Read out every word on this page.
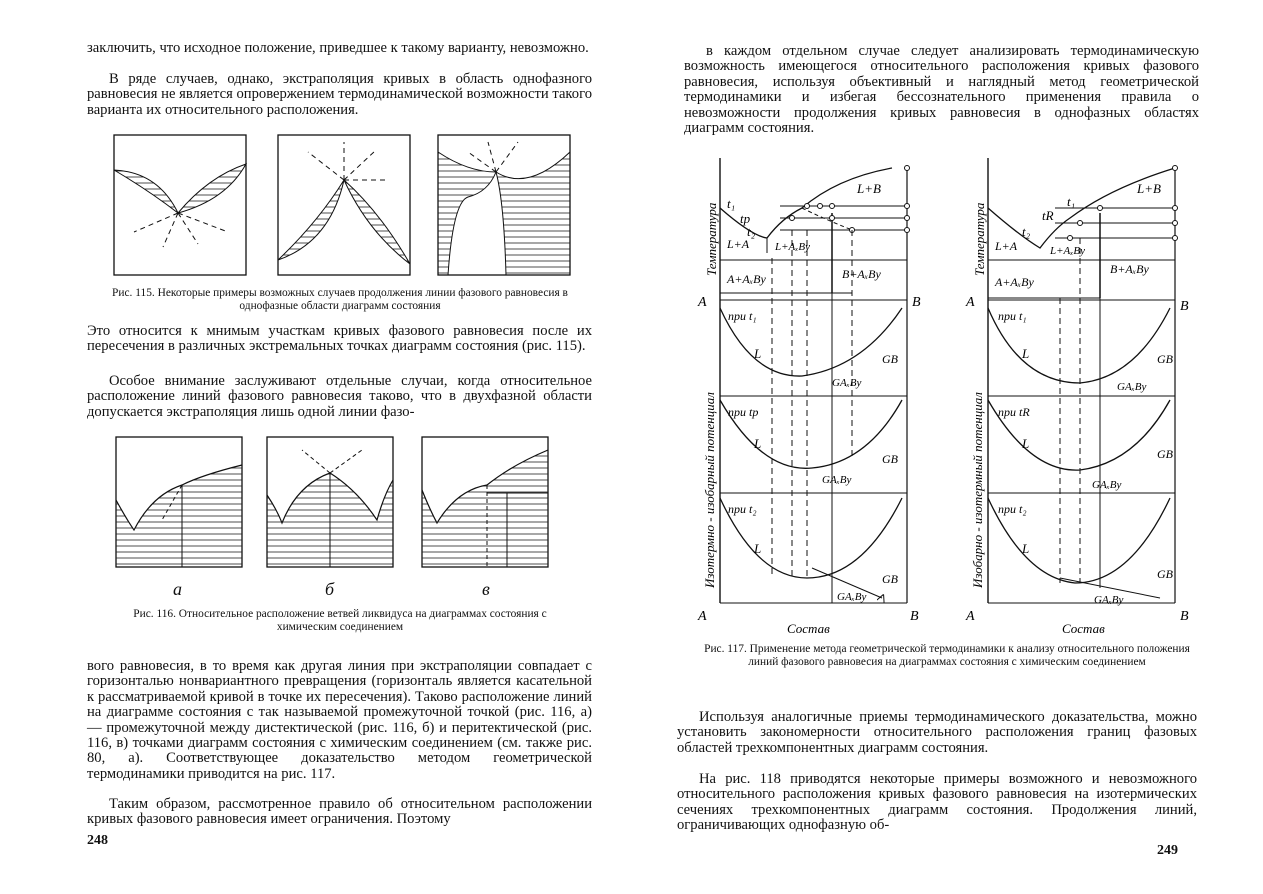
заключить, что исходное положение, приведшее к такому варианту, невозможно.

В ряде случаев, однако, экстраполяция кривых в область однофазного равновесия не является опровержением термодинамической возможности такого варианта их относительного расположения.

Рис. 115. Некоторые примеры возможных случаев продолжения линии фазового равновесия в однофазные области диаграмм состояния

Это относится к мнимым участкам кривых фазового равновесия после их пересечения в различных экстремальных точках диаграмм состояния (рис. 115).

Особое внимание заслуживают отдельные случаи, когда относительное расположение линий фазового равновесия таково, что в двухфазной области допускается экстраполяция лишь одной линии фазо-

а	б	в

Рис. 116. Относительное расположение ветвей ликвидуса на диаграммах состояния с химическим соединением

вого равновесия, в то время как другая линия при экстраполяции совпадает с горизонталью нонвариантного превращения (горизонталь является касательной к рассматриваемой кривой в точке их пересечения). Таково расположение линий на диаграмме состояния с так называемой промежуточной точкой (рис. 116, а) — промежуточной между дистектической (рис. 116, б) и перитектической (рис. 116, в) точками диаграмм состояния с химическим соединением (см. также рис. 80, а). Соответствующее доказательство методом геометрической термодинамики приводится на рис. 117.

Таким образом, рассмотренное правило об относительном расположении кривых фазового равновесия имеет ограничения. Поэтому

248

в каждом отдельном случае следует анализировать термодинамическую возможность имеющегося относительного расположения кривых фазового равновесия, используя объективный и наглядный метод геометрической термодинамики и избегая бессознательного применения правила о невозможности продолжения кривых равновесия в однофазных областях диаграмм состояния.

Температура
Изотермно - изобарный потенциал
A	B
A	B
L+B
L+A L+AₓBy
A+AₓBy	B+AₓBy
t₁
tp
t₂
при t₁
при tp
при t₂
L
L
L
GB
GB
GB
GAₓBy
GAₓBy
GAₓBy
Состав
Температура
Изобарно - изотермный потенциал
A	B
A	B
L+B
L+A	L+AₓBy
A+AₓBy
B+AₓBy
t₁
tR
t₂
при t₁
при tR
при t₂
L
L
L
GB
GB
GB
GAₓBy
GAₓBy
GAₓBy
Состав

Рис. 117. Применение метода геометрической термодинамики к анализу относительного положения линий фазового равновесия на диаграммах состояния с химическим соединением

Используя аналогичные приемы термодинамического доказательства, можно установить закономерности относительного расположения границ фазовых областей трехкомпонентных диаграмм состояния.

На рис. 118 приводятся некоторые примеры возможного и невозможного относительного расположения кривых фазового равновесия на изотермических сечениях трехкомпонентных диаграмм состояния. Продолжения линий, ограничивающих однофазную об-

249
